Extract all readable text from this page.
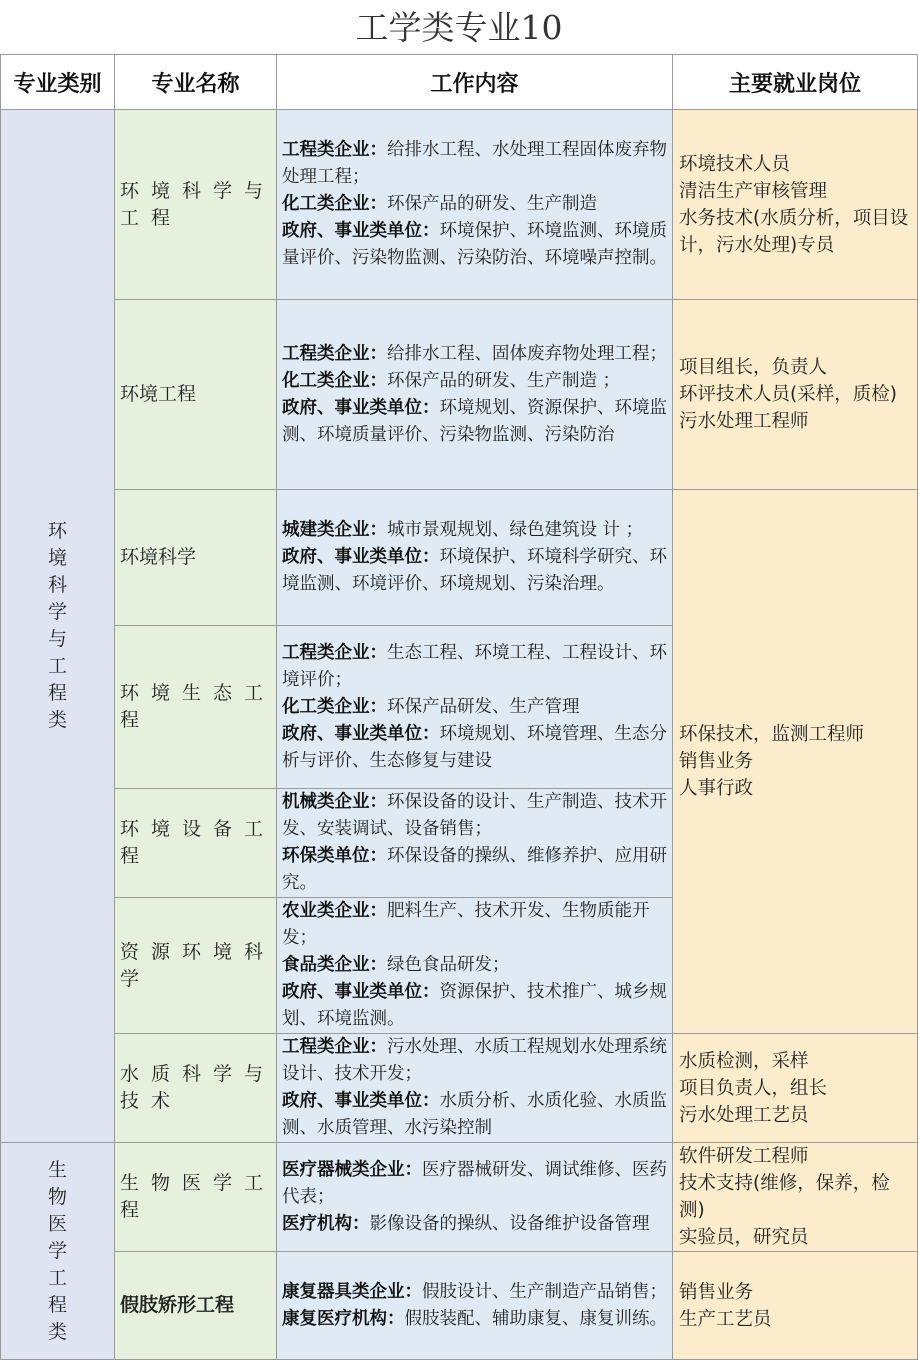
工学类专业10
专业类别	专业名称	工作内容	主要就业岗位
环境科学与工程类	环境科学与工程	工程类企业：给排水工程、水处理工程固体废弃物处理工程；
化工类企业：环保产品的研发、生产制造
政府、事业类单位：环境保护、环境监测、环境质量评价、污染物监测、污染防治、环境噪声控制。	环境技术人员
清洁生产审核管理
水务技术(水质分析，项目设计，污水处理)专员

	环境工程	工程类企业：给排水工程、固体废弃物处理工程；
化工类企业：环保产品的研发、生产制造 ；
政府、事业类单位：环境规划、资源保护、环境监测、环境质量评价、污染物监测、污染防治	项目组长，负责人
环评技术人员(采样，质检)
污水处理工程师

	环境科学	城建类企业：城市景观规划、绿色建筑设 计 ；
政府、事业类单位：环境保护、环境科学研究、环境监测、环境评价、环境规划、污染治理。	环保技术，监测工程师
销售业务
人事行政

	环境生态工程	工程类企业：生态工程、环境工程、工程设计、环境评价；
化工类企业：环保产品研发、生产管理
政府、事业类单位：环境规划、环境管理、生态分析与评价、生态修复与建设	
	环境设备工程	机械类企业：环保设备的设计、生产制造、技术开发、安装调试、设备销售；
环保类单位：环保设备的操纵、维修养护、应用研究。	
	资源环境科学	农业类企业：肥料生产、技术开发、生物质能开发；
食品类企业：绿色食品研发；
政府、事业类单位：资源保护、技术推广、城乡规划、环境监测。	
	水质科学与技术	工程类企业：污水处理、水质工程规划水处理系统设计、技术开发；
政府、事业类单位：水质分析、水质化验、水质监测、水质管理、水污染控制	水质检测，采样
项目负责人，组长
污水处理工艺员

生物医学工程类	生物医学工程	医疗器械类企业：医疗器械研发、调试维修、医药代表；
医疗机构：影像设备的操纵、设备维护设备管理	软件研发工程师
技术支持(维修，保养，检测)
实验员，研究员

	假肢矫形工程	康复器具类企业：假肢设计、生产制造产品销售；
康复医疗机构：假肢装配、辅助康复、康复训练。	销售业务
生产工艺员
